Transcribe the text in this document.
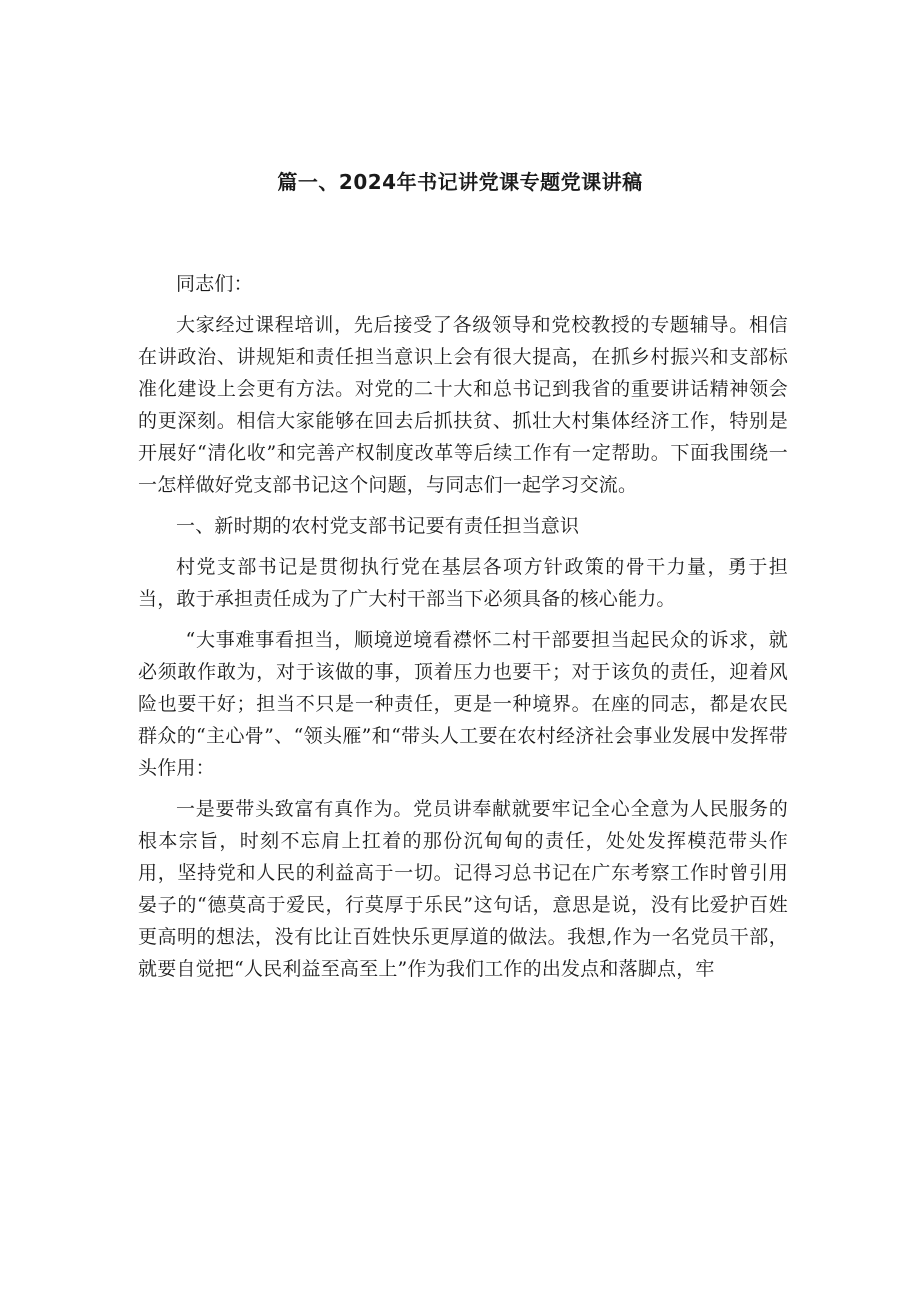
篇一、2024年书记讲党课专题党课讲稿

同志们：

大家经过课程培训，先后接受了各级领导和党校教授的专题辅导。相信在讲政治、讲规矩和责任担当意识上会有很大提高，在抓乡村振兴和支部标准化建设上会更有方法。对党的二十大和总书记到我省的重要讲话精神领会的更深刻。相信大家能够在回去后抓扶贫、抓壮大村集体经济工作，特别是开展好“清化收”和完善产权制度改革等后续工作有一定帮助。下面我围绕一一怎样做好党支部书记这个问题，与同志们一起学习交流。

一、新时期的农村党支部书记要有责任担当意识

村党支部书记是贯彻执行党在基层各项方针政策的骨干力量，勇于担当，敢于承担责任成为了广大村干部当下必须具备的核心能力。

“大事难事看担当，顺境逆境看襟怀二村干部要担当起民众的诉求，就必须敢作敢为，对于该做的事，顶着压力也要干；对于该负的责任，迎着风险也要干好；担当不只是一种责任，更是一种境界。在座的同志，都是农民群众的“主心骨”、“领头雁”和“带头人工要在农村经济社会事业发展中发挥带头作用：

一是要带头致富有真作为。党员讲奉献就要牢记全心全意为人民服务的根本宗旨，时刻不忘肩上扛着的那份沉甸甸的责任，处处发挥模范带头作用，坚持党和人民的利益高于一切。记得习总书记在广东考察工作时曾引用晏子的“德莫高于爱民，行莫厚于乐民”这句话，意思是说，没有比爱护百姓更高明的想法，没有比让百姓快乐更厚道的做法。我想,作为一名党员干部，就要自觉把“人民利益至高至上”作为我们工作的出发点和落脚点，牢
